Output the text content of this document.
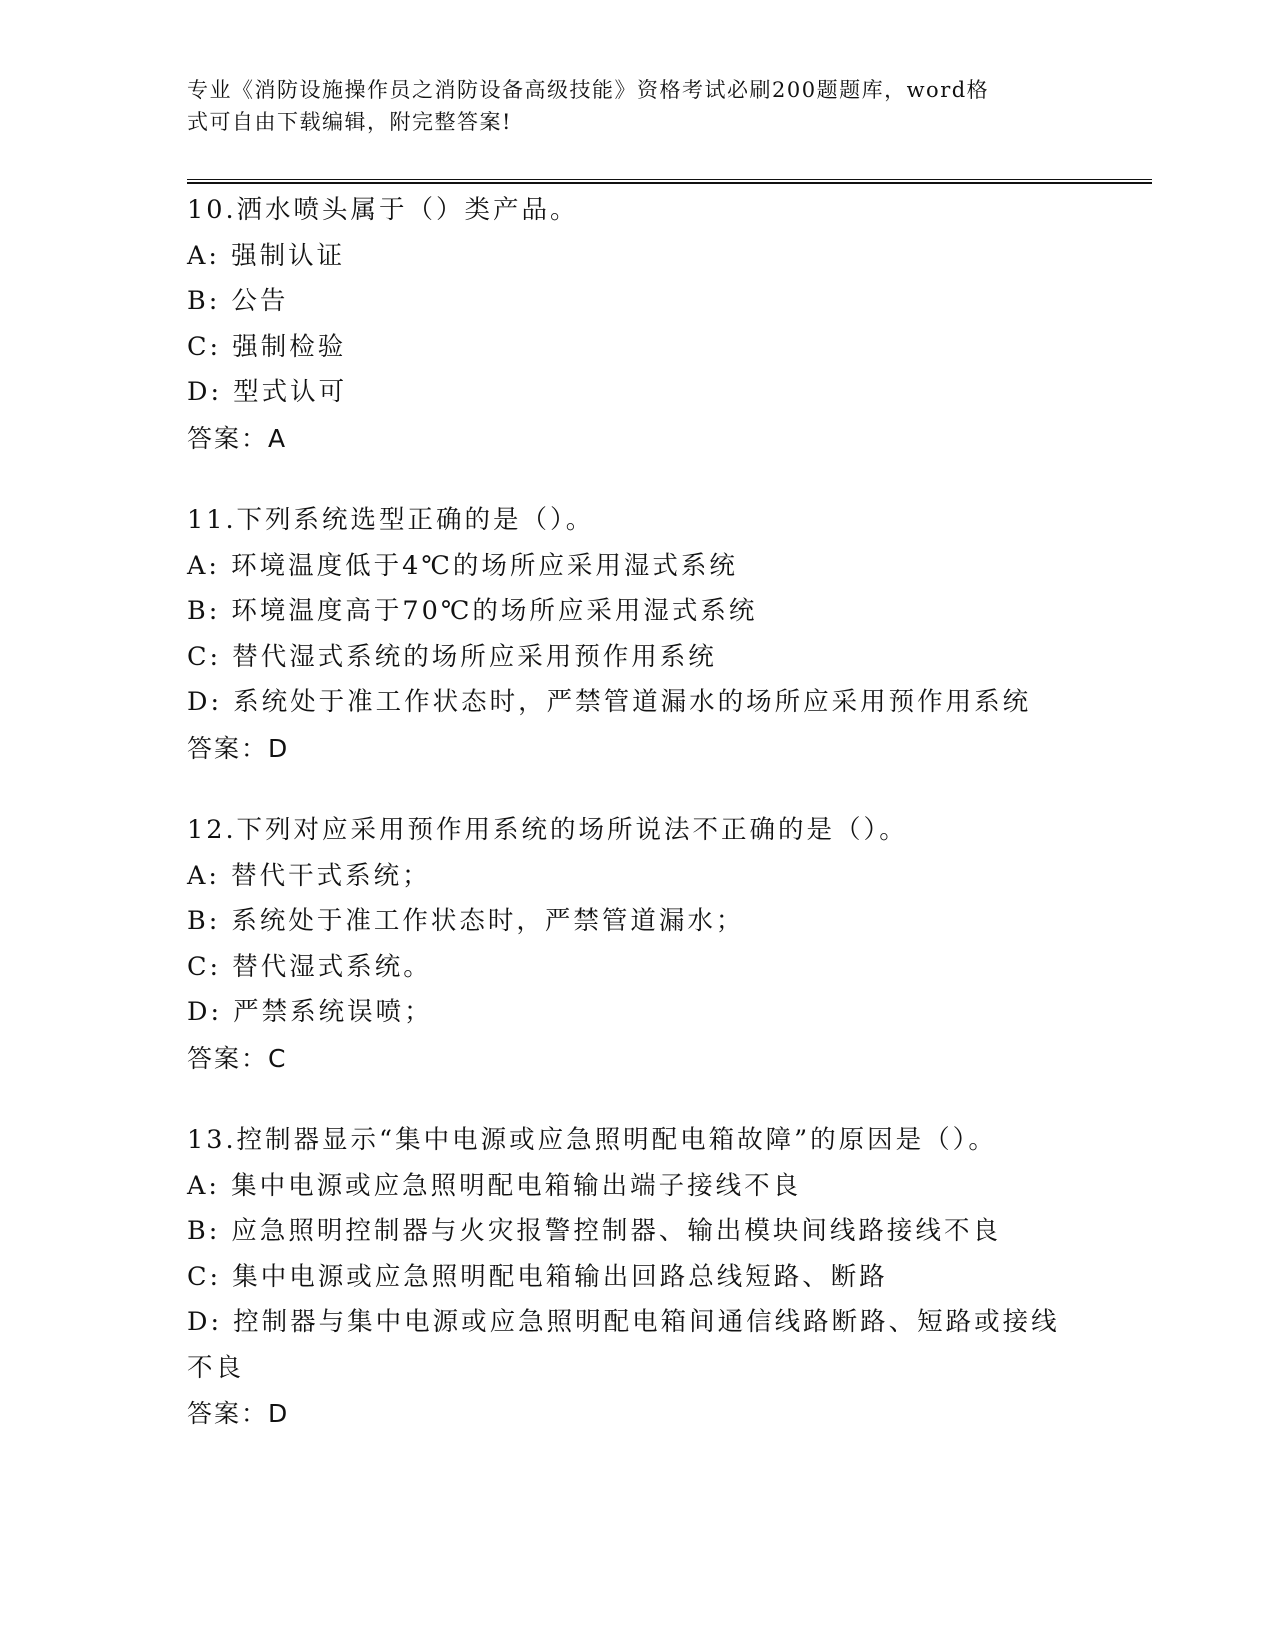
专业《消防设施操作员之消防设备高级技能》资格考试必刷200题题库，word格
式可自由下载编辑，附完整答案!
10.洒水喷头属于（）类产品。
A: 强制认证
B: 公告
C: 强制检验
D: 型式认可
答案：A
11.下列系统选型正确的是（）。
A: 环境温度低于4℃的场所应采用湿式系统
B: 环境温度高于70℃的场所应采用湿式系统
C: 替代湿式系统的场所应采用预作用系统
D: 系统处于准工作状态时，严禁管道漏水的场所应采用预作用系统
答案：D
12.下列对应采用预作用系统的场所说法不正确的是（）。
A: 替代干式系统；
B: 系统处于准工作状态时，严禁管道漏水；
C: 替代湿式系统。
D: 严禁系统误喷；
答案：C
13.控制器显示“集中电源或应急照明配电箱故障”的原因是（）。
A: 集中电源或应急照明配电箱输出端子接线不良
B: 应急照明控制器与火灾报警控制器、输出模块间线路接线不良
C: 集中电源或应急照明配电箱输出回路总线短路、断路
D: 控制器与集中电源或应急照明配电箱间通信线路断路、短路或接线不良
答案：D
